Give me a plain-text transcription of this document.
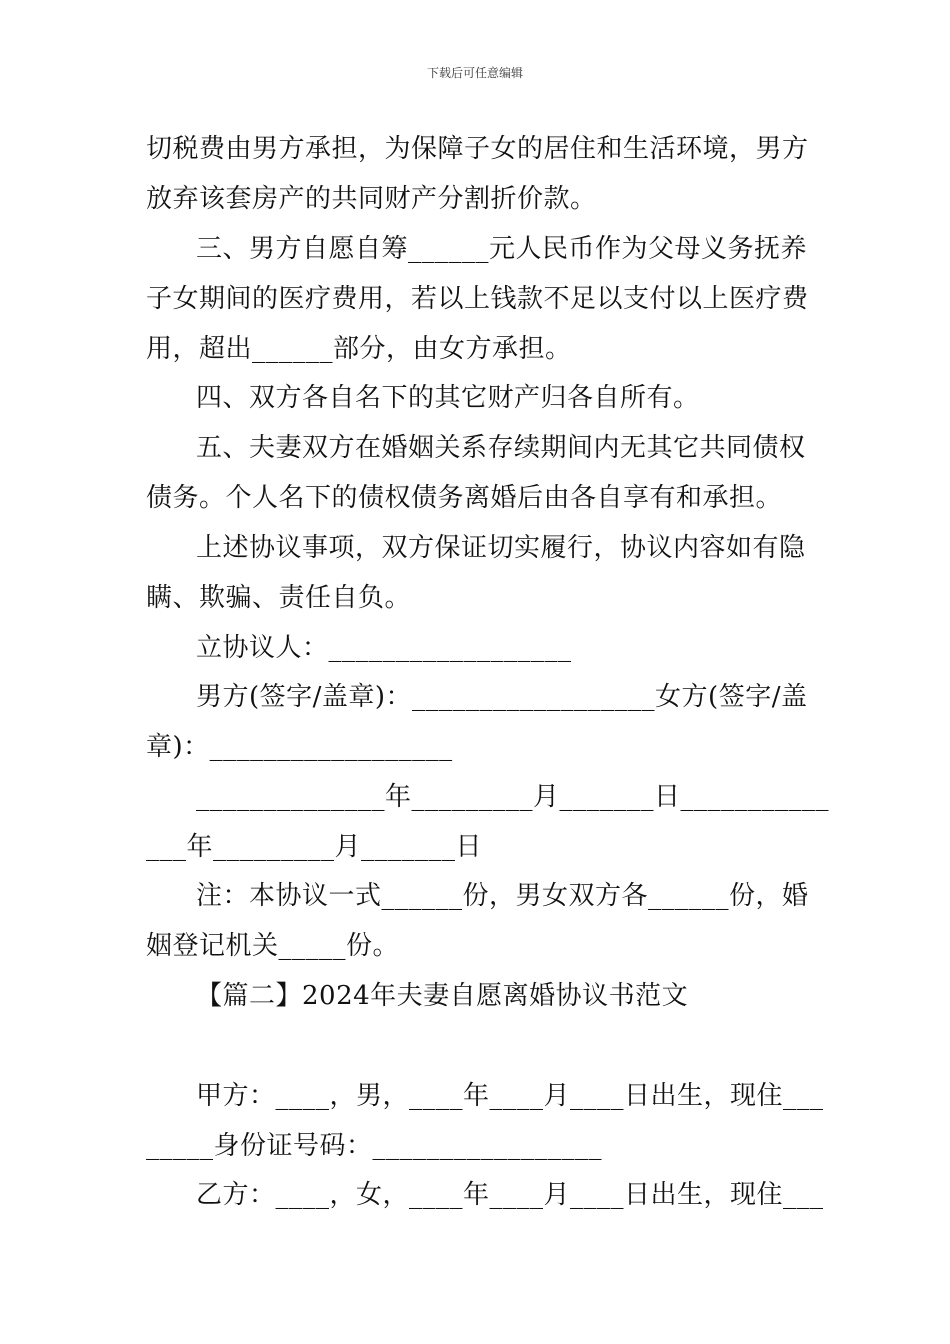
下载后可任意编辑
切税费由男方承担，为保障子女的居住和生活环境，男方
放弃该套房产的共同财产分割折价款。
三、男方自愿自筹______元人民币作为父母义务抚养
子女期间的医疗费用，若以上钱款不足以支付以上医疗费
用，超出______部分，由女方承担。
四、双方各自名下的其它财产归各自所有。
五、夫妻双方在婚姻关系存续期间内无其它共同债权
债务。个人名下的债权债务离婚后由各自享有和承担。
上述协议事项，双方保证切实履行，协议内容如有隐
瞒、欺骗、责任自负。
立协议人：__________________
男方(签字/盖章)：__________________女方(签字/盖
章)：__________________
______________年_________月_______日___________
___年_________月_______日
注：本协议一式______份，男女双方各______份，婚
姻登记机关_____份。
【篇二】2024年夫妻自愿离婚协议书范文
甲方：____，男，____年____月____日出生，现住___
_____身份证号码：_________________
乙方：____，女，____年____月____日出生，现住___
